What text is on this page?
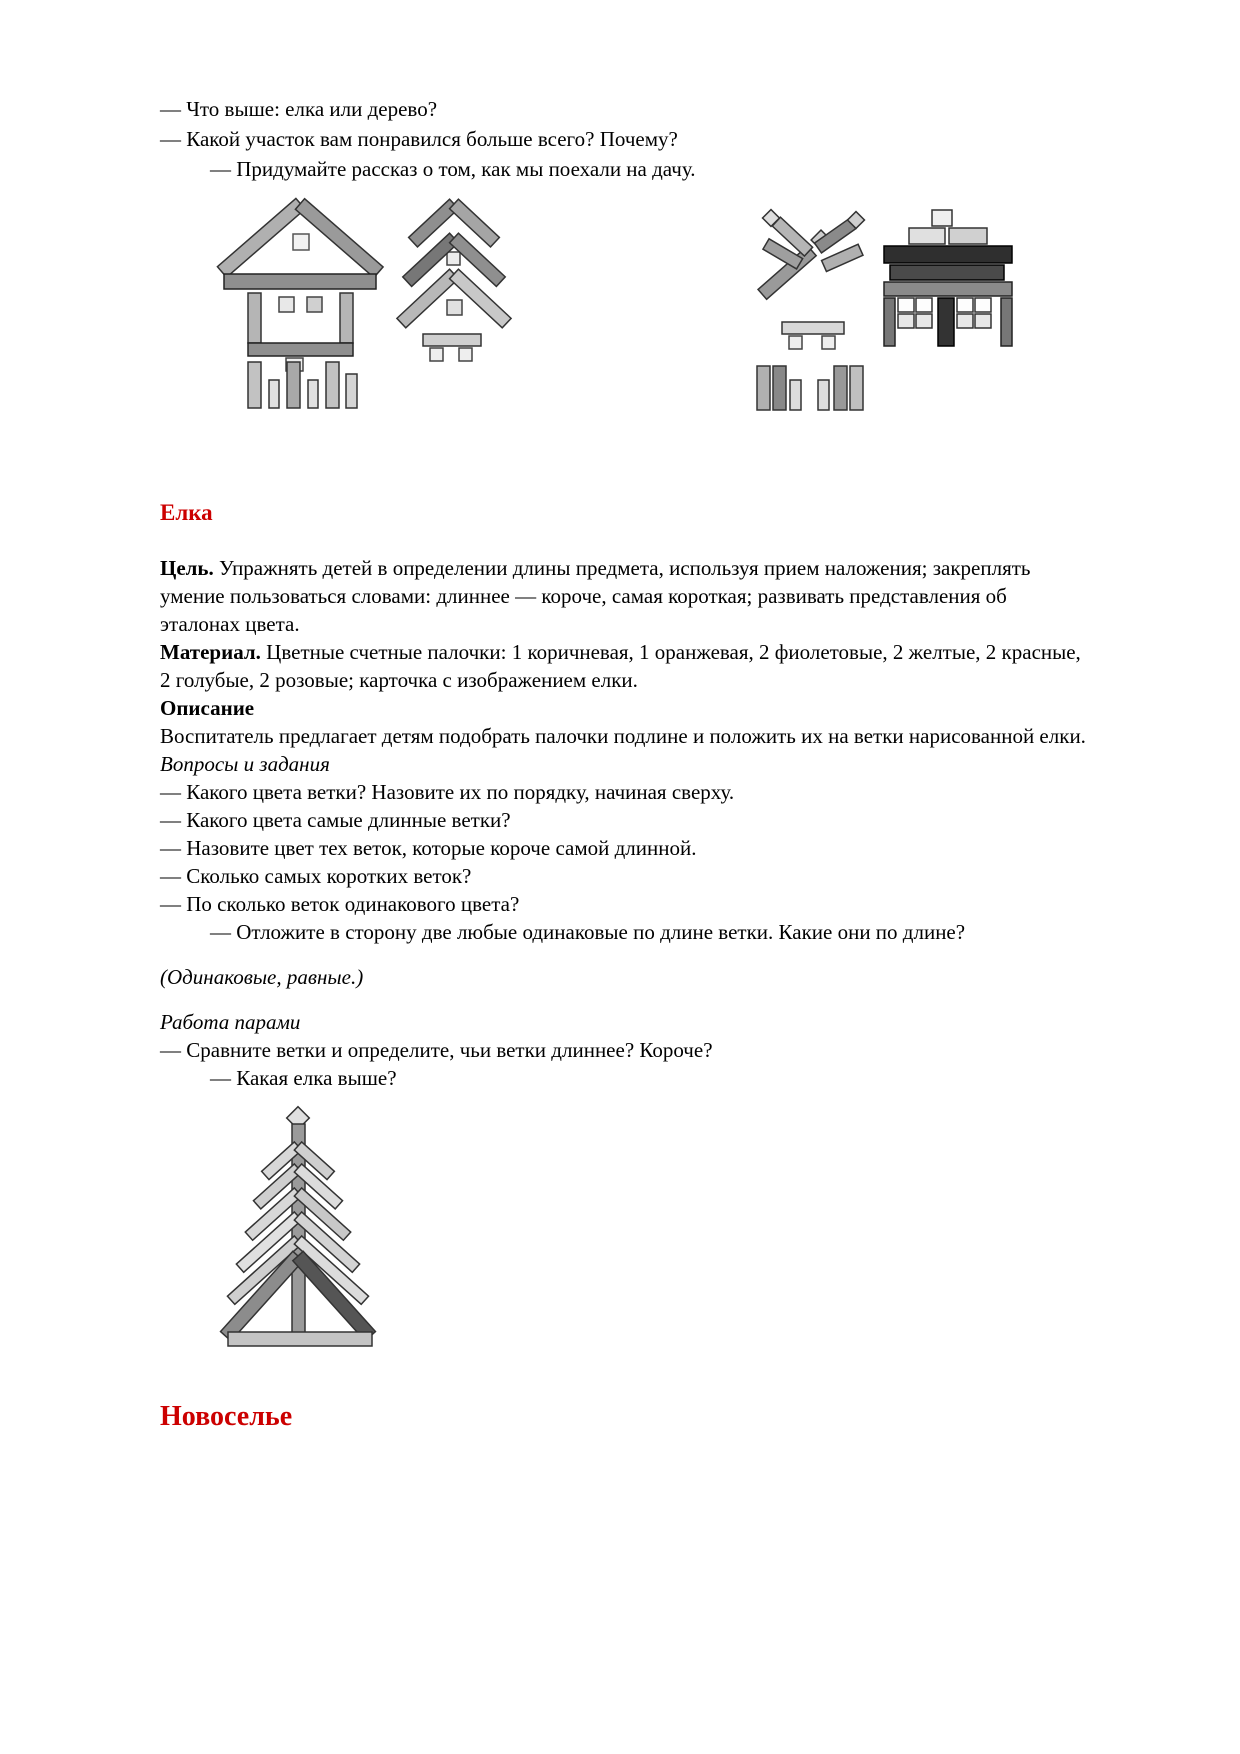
— Что выше: елка или дерево?

— Какой участок вам понравился больше всего? Почему?

— Придумайте рассказ о том, как мы поехали на дачу.

Елка

Цель. Упражнять детей в определении длины предмета, используя прием наложения; закреплять умение пользоваться словами: длиннее — короче, самая короткая; развивать представления об эталонах цвета.

Материал. Цветные счетные палочки: 1 коричневая, 1 оранжевая, 2 фиолетовые, 2 желтые, 2 красные, 2 голубые, 2 розовые; карточка с изображением елки.

Описание

Воспитатель предлагает детям подобрать палочки подлине и положить их на ветки нарисованной елки. Вопросы и задания

— Какого цвета ветки? Назовите их по порядку, начиная сверху.

— Какого цвета самые длинные ветки?

— Назовите цвет тех веток, которые короче самой длинной.

— Сколько самых коротких веток?

— По сколько веток одинакового цвета?

— Отложите в сторону две любые одинаковые по длине ветки. Какие они по длине?

(Одинаковые, равные.)

Работа парами

— Сравните ветки и определите, чьи ветки длиннее? Короче?

— Какая елка выше?

Новоселье
